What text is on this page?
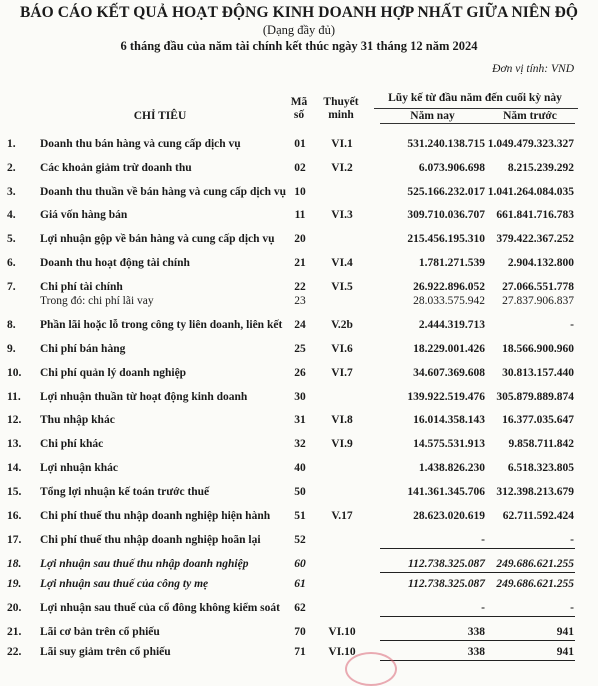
BÁO CÁO KẾT QUẢ HOẠT ĐỘNG KINH DOANH HỢP NHẤT GIỮA NIÊN ĐỘ
(Dạng đầy đủ)
6 tháng đầu của năm tài chính kết thúc ngày 31 tháng 12 năm 2024
Đơn vị tính: VND
CHỈ TIÊU
Mã
số
Thuyết
minh
Lũy kế từ đầu năm đến cuối kỳ này
Năm nay	Năm trước
1.	Doanh thu bán hàng và cung cấp dịch vụ	01	VI.1	531.240.138.715 1.049.479.323.327
2.	Các khoản giảm trừ doanh thu	02	VI.2	6.073.906.698	8.215.239.292
3.	Doanh thu thuần về bán hàng và cung cấp dịch vụ 10	525.166.232.017 1.041.264.084.035
4.	Giá vốn hàng bán	11	VI.3	309.710.036.707 661.841.716.783
5.	Lợi nhuận gộp về bán hàng và cung cấp dịch vụ	20	215.456.195.310 379.422.367.252
6.	Doanh thu hoạt động tài chính	21	VI.4	1.781.271.539	2.904.132.800
7.	Chi phí tài chính	22	VI.5	26.922.896.052	27.066.551.778
Trong đó: chi phí lãi vay	23	28.033.575.942	27.837.906.837
8.	Phần lãi hoặc lỗ trong công ty liên doanh, liên kết	24	V.2b	2.444.319.713	-
9.	Chi phí bán hàng	25	VI.6	18.229.001.426	18.566.900.960
10.	Chi phí quản lý doanh nghiệp	26	VI.7	34.607.369.608	30.813.157.440
11.	Lợi nhuận thuần từ hoạt động kinh doanh	30	139.922.519.476 305.879.889.874
12.	Thu nhập khác	31	VI.8	16.014.358.143	16.377.035.647
13.	Chi phí khác	32	VI.9	14.575.531.913	9.858.711.842
14.	Lợi nhuận khác	40	1.438.826.230	6.518.323.805
15.	Tổng lợi nhuận kế toán trước thuế	50	141.361.345.706 312.398.213.679
16.	Chi phí thuế thu nhập doanh nghiệp hiện hành	51	V.17	28.623.020.619	62.711.592.424
17.	Chi phí thuế thu nhập doanh nghiệp hoãn lại	52	-	-
18.	Lợi nhuận sau thuế thu nhập doanh nghiệp	60	112.738.325.087 249.686.621.255
19.	Lợi nhuận sau thuế của công ty mẹ	61	112.738.325.087 249.686.621.255
20.	Lợi nhuận sau thuế của cổ đông không kiểm soát	62	-	-
21.	Lãi cơ bản trên cổ phiếu	70	VI.10	338	941
22.	Lãi suy giảm trên cổ phiếu	71	VI.10	338	941
